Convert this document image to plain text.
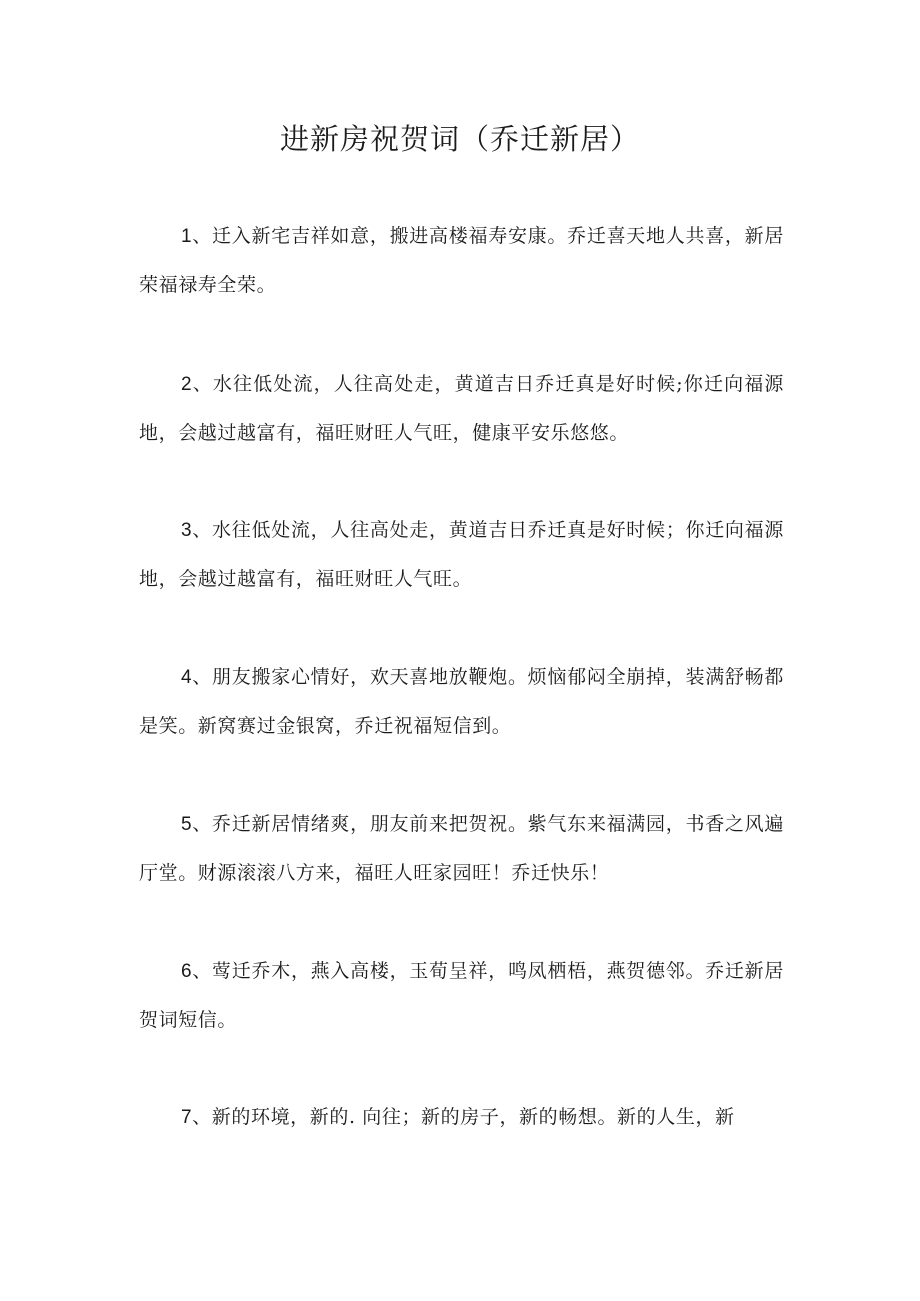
进新房祝贺词（乔迁新居）

1、迁入新宅吉祥如意，搬进高楼福寿安康。乔迁喜天地人共喜，新居荣福禄寿全荣。

2、水往低处流，人往高处走，黄道吉日乔迁真是好时候;你迁向福源地，会越过越富有，福旺财旺人气旺，健康平安乐悠悠。

3、水往低处流，人往高处走，黄道吉日乔迁真是好时候；你迁向福源地，会越过越富有，福旺财旺人气旺。

4、朋友搬家心情好，欢天喜地放鞭炮。烦恼郁闷全崩掉，装满舒畅都是笑。新窝赛过金银窝，乔迁祝福短信到。

5、乔迁新居情绪爽，朋友前来把贺祝。紫气东来福满园，书香之风遍厅堂。财源滚滚八方来，福旺人旺家园旺！乔迁快乐！

6、莺迁乔木，燕入高楼，玉荀呈祥，鸣凤栖梧，燕贺德邻。乔迁新居贺词短信。

7、新的环境，新的. 向往；新的房子，新的畅想。新的人生，新
